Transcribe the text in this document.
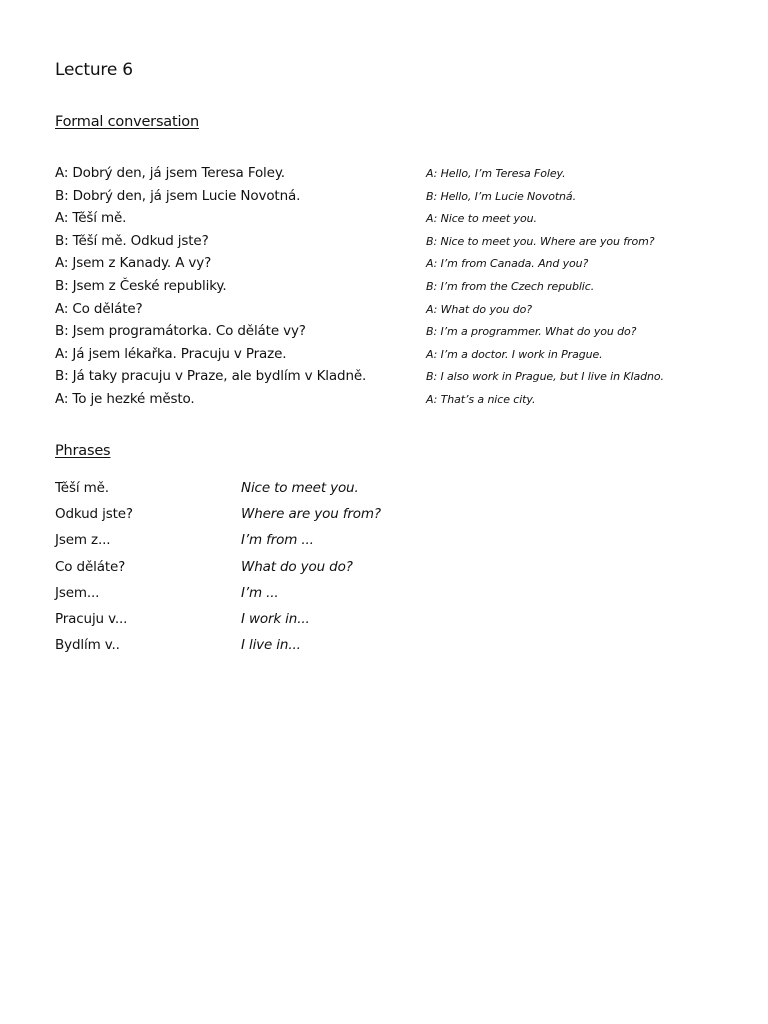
Lecture 6
Formal conversation
A: Dobrý den, já jsem Teresa Foley.	A: Hello, I’m Teresa Foley.
B: Dobrý den, já jsem Lucie Novotná.	B: Hello, I’m Lucie Novotná.
A: Těší mě.	A: Nice to meet you.
B: Těší mě. Odkud jste?	B: Nice to meet you. Where are you from?
A: Jsem z Kanady. A vy?	A: I’m from Canada. And you?
B: Jsem z České republiky.	B: I’m from the Czech republic.
A: Co děláte?	A: What do you do?
B: Jsem programátorka. Co děláte vy?	B: I’m a programmer. What do you do?
A: Já jsem lékařka. Pracuju v Praze.	A: I’m a doctor. I work in Prague.
B: Já taky pracuju v Praze, ale bydlím v Kladně.	B: I also work in Prague, but I live in Kladno.
A: To je hezké město.	A: That’s a nice city.
Phrases
Těší mě.	Nice to meet you.
Odkud jste?	Where are you from?
Jsem z...	I’m from ...
Co děláte?	What do you do?
Jsem...	I’m ...
Pracuju v...	I work in...
Bydlím v..	I live in...
